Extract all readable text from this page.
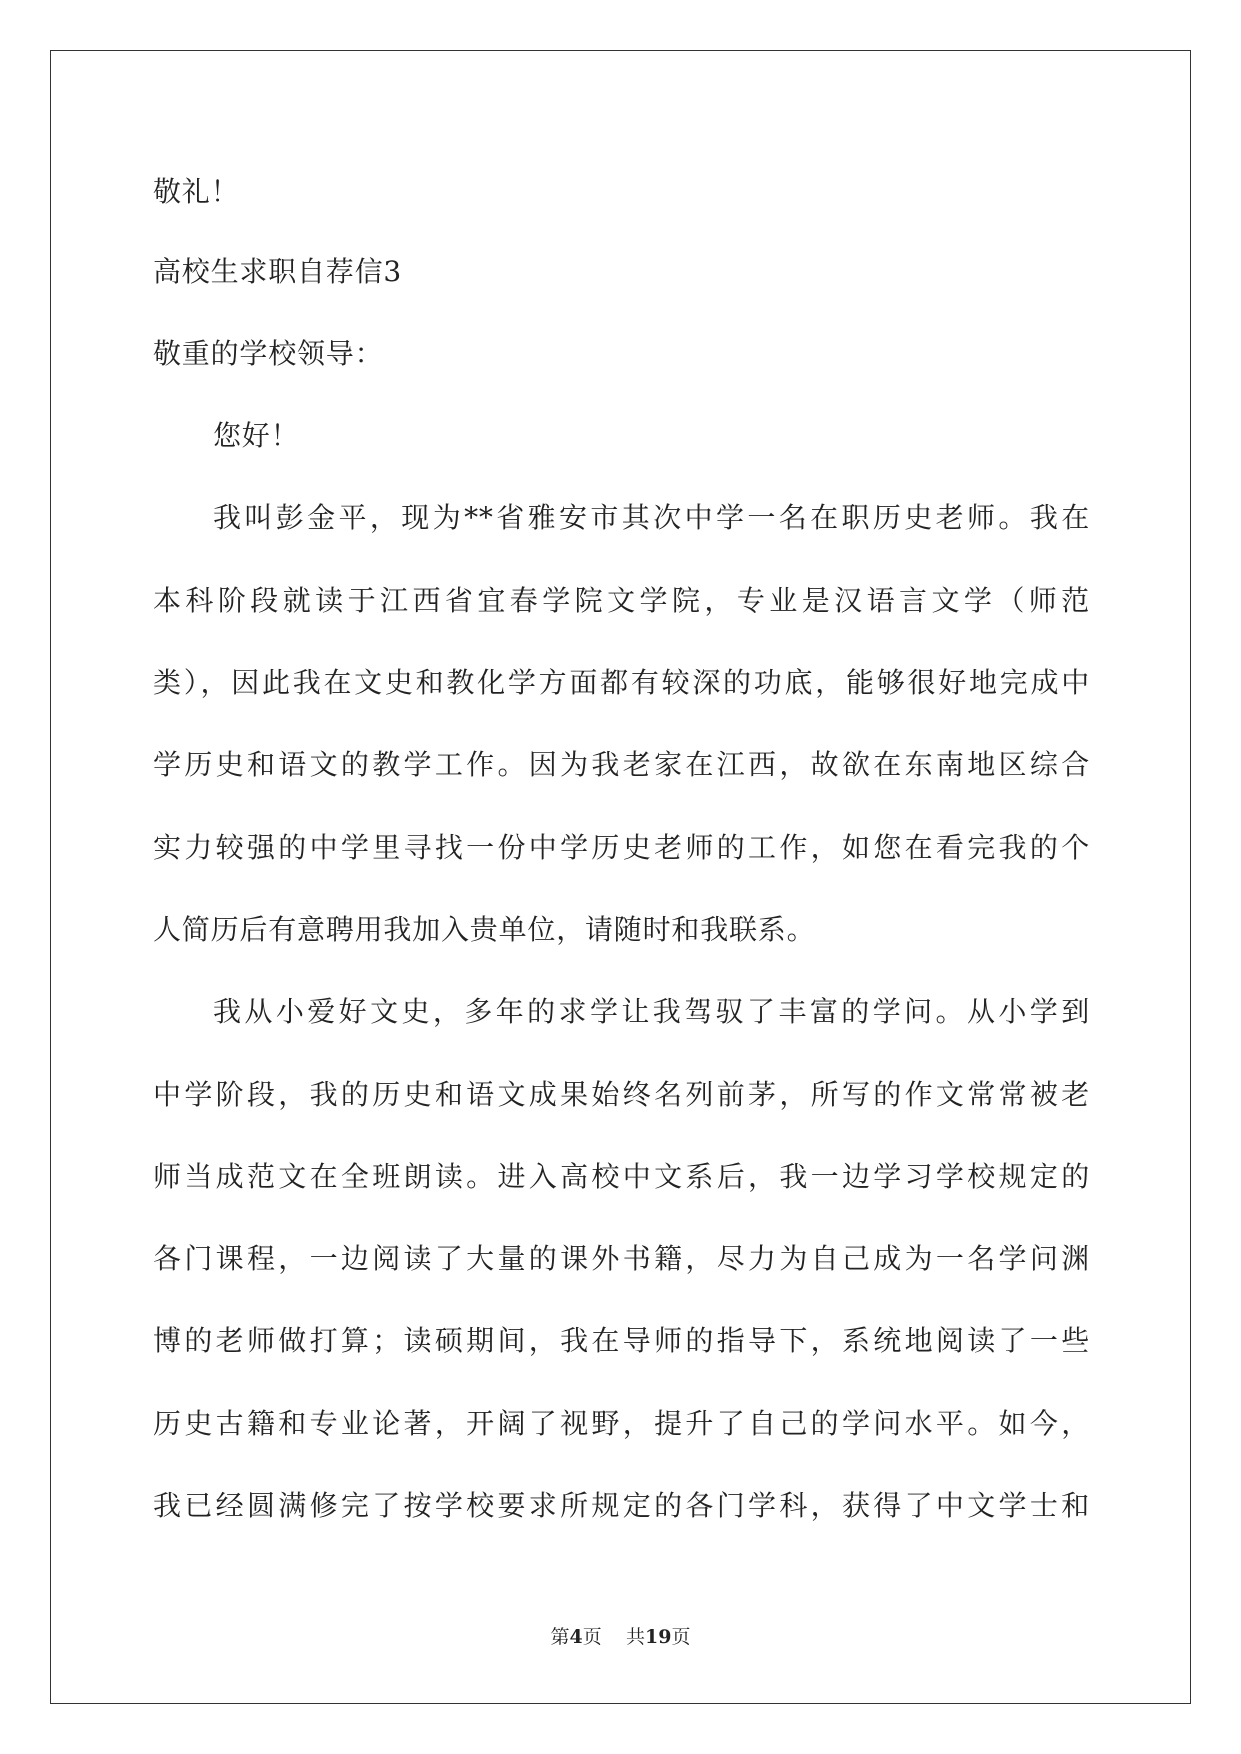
敬礼！
高校生求职自荐信3
敬重的学校领导：
您好！
我叫彭金平，现为**省雅安市其次中学一名在职历史老师。我在
本科阶段就读于江西省宜春学院文学院，专业是汉语言文学（师范
类），因此我在文史和教化学方面都有较深的功底，能够很好地完成中
学历史和语文的教学工作。因为我老家在江西，故欲在东南地区综合
实力较强的中学里寻找一份中学历史老师的工作，如您在看完我的个
人简历后有意聘用我加入贵单位，请随时和我联系。
我从小爱好文史，多年的求学让我驾驭了丰富的学问。从小学到
中学阶段，我的历史和语文成果始终名列前茅，所写的作文常常被老
师当成范文在全班朗读。进入高校中文系后，我一边学习学校规定的
各门课程，一边阅读了大量的课外书籍，尽力为自己成为一名学问渊
博的老师做打算；读硕期间，我在导师的指导下，系统地阅读了一些
历史古籍和专业论著，开阔了视野，提升了自己的学问水平。如今，
我已经圆满修完了按学校要求所规定的各门学科，获得了中文学士和
第4页 共19页
